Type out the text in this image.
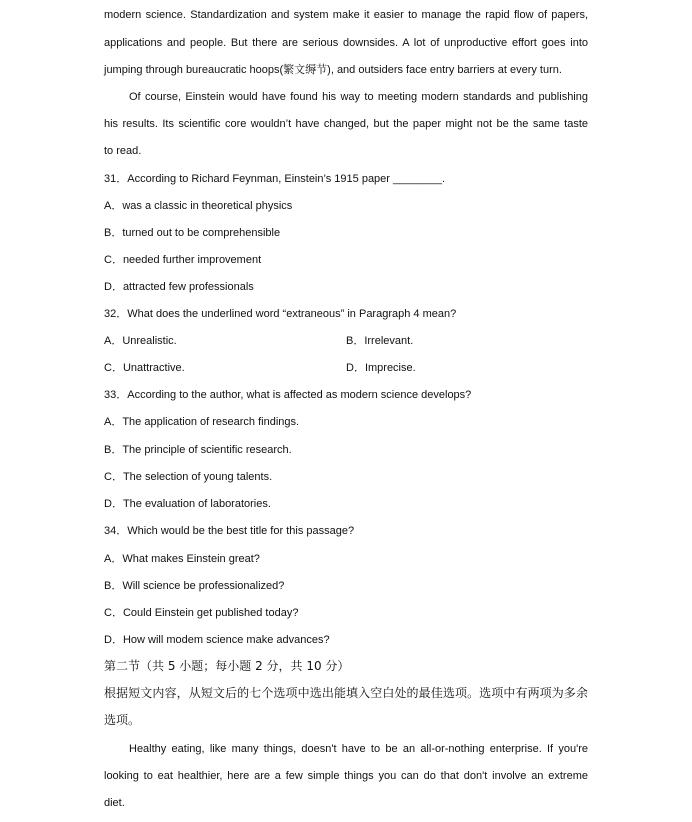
modern science. Standardization and system make it easier to manage the rapid flow of papers,
applications and people. But there are serious downsides. A lot of unproductive effort goes into
jumping through bureaucratic hoops(繁文缛节), and outsiders face entry barriers at every turn.
Of course, Einstein would have found his way to meeting modern standards and publishing
his results. Its scientific core wouldn’t have changed, but the paper might not be the same taste
to read.
31．According to Richard Feynman, Einstein’s 1915 paper ________.
A．was a classic in theoretical physics
B．turned out to be comprehensible
C．needed further improvement
D．attracted few professionals
32．What does the underlined word “extraneous” in Paragraph 4 mean?
A．Unrealistic.	B．Irrelevant.
C．Unattractive.	D．Imprecise.
33．According to the author, what is affected as modern science develops?
A．The application of research findings.
B．The principle of scientific research.
C．The selection of young talents.
D．The evaluation of laboratories.
34．Which would be the best title for this passage?
A．What makes Einstein great?
B．Will science be professionalized?
C．Could Einstein get published today?
D．How will modem science make advances?
第二节（共 5 小题；每小题 2 分，共 10 分）
根据短文内容，从短文后的七个选项中选出能填入空白处的最佳选项。选项中有两项为多余
选项。
Healthy eating, like many things, doesn't have to be an all-or-nothing enterprise. If you're
looking to eat healthier, here are a few simple things you can do that don't involve an extreme
diet.
